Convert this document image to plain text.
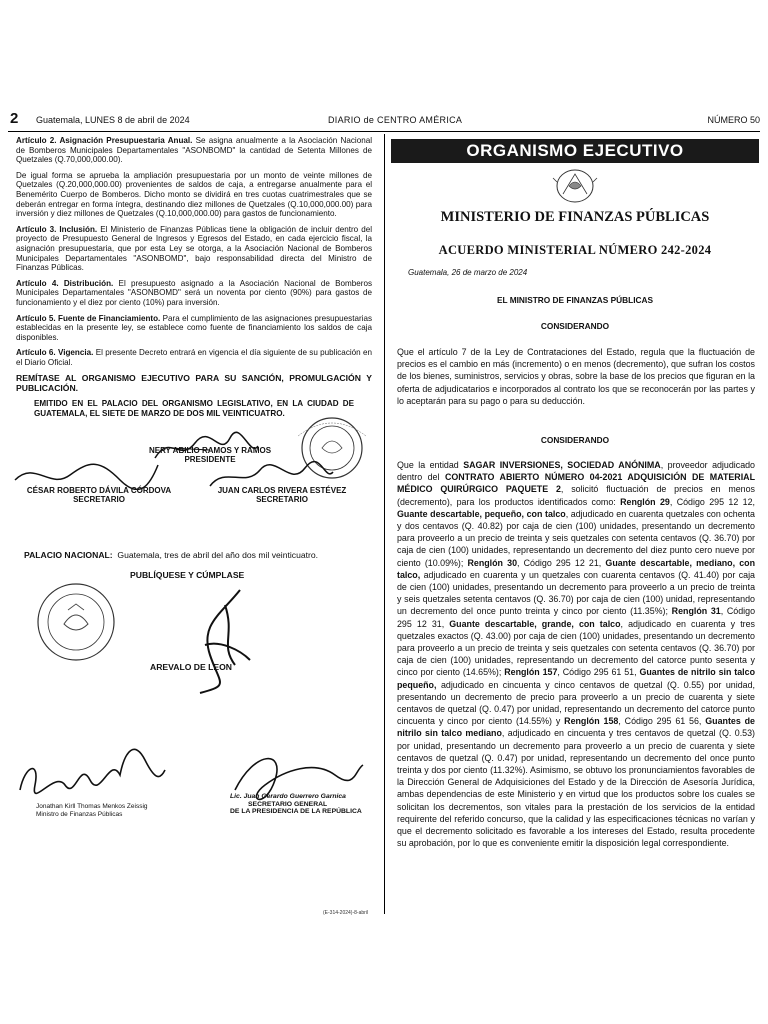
2 Guatemala, LUNES 8 de abril de 2024	DIARIO de CENTRO AMÉRICA	NÚMERO 50

Artículo 2. Asignación Presupuestaria Anual. Se asigna anualmente a la Asociación Nacional de Bomberos Municipales Departamentales "ASONBOMD" la cantidad de Setenta Millones de Quetzales (Q.70,000,000.00).

De igual forma se aprueba la ampliación presupuestaria por un monto de veinte millones de Quetzales (Q.20,000,000.00) provenientes de saldos de caja, a entregarse anualmente para el Benemérito Cuerpo de Bomberos. Dicho monto se dividirá en tres cuotas cuatrimestrales que se deberán entregar en forma íntegra, destinando diez millones de Quetzales (Q.10,000,000.00) para inversión y diez millones de Quetzales (Q.10,000,000.00) para gastos de funcionamiento.

Artículo 3. Inclusión. El Ministerio de Finanzas Públicas tiene la obligación de incluir dentro del proyecto de Presupuesto General de Ingresos y Egresos del Estado, en cada ejercicio fiscal, la asignación presupuestaria, que por esta Ley se otorga, a la Asociación Nacional de Bomberos Municipales Departamentales "ASONBOMD", bajo responsabilidad directa del Ministro de Finanzas Públicas.

Artículo 4. Distribución. El presupuesto asignado a la Asociación Nacional de Bomberos Municipales Departamentales "ASONBOMD" será un noventa por ciento (90%) para gastos de funcionamiento y el diez por ciento (10%) para inversión.

Artículo 5. Fuente de Financiamiento. Para el cumplimiento de las asignaciones presupuestarias establecidas en la presente ley, se establece como fuente de financiamiento los saldos de caja disponibles.

Artículo 6. Vigencia. El presente Decreto entrará en vigencia el día siguiente de su publicación en el Diario Oficial.

REMÍTASE AL ORGANISMO EJECUTIVO PARA SU SANCIÓN, PROMULGACIÓN Y PUBLICACIÓN.

EMITIDO EN EL PALACIO DEL ORGANISMO LEGISLATIVO, EN LA CIUDAD DE GUATEMALA, EL SIETE DE MARZO DE DOS MIL VEINTICUATRO.

NERY ABILIO RAMOS Y RAMOS
PRESIDENTE
CÉSAR ROBERTO DÁVILA CÓRDOVA
SECRETARIO
JUAN CARLOS RIVERA ESTÉVEZ
SECRETARIO
PALACIO NACIONAL: Guatemala, tres de abril del año dos mil veinticuatro.
PUBLÍQUESE Y CÚMPLASE
AREVALO DE LEON
Jonathan Kirll Thomas Menkos Zeissig
Ministro de Finanzas Públicas
Lic. Juan Gerardo Guerrero Garnica
SECRETARIO GENERAL
DE LA PRESIDENCIA DE LA REPÚBLICA
(E-314-2024)-8-abril
ORGANISMO EJECUTIVO
MINISTERIO DE FINANZAS PÚBLICAS
ACUERDO MINISTERIAL NÚMERO 242-2024
Guatemala, 26 de marzo de 2024
EL MINISTRO DE FINANZAS PÚBLICAS
CONSIDERANDO

Que el artículo 7 de la Ley de Contrataciones del Estado, regula que la fluctuación de precios es el cambio en más (incremento) o en menos (decremento), que sufran los costos de los bienes, suministros, servicios y obras, sobre la base de los precios que figuran en la oferta de adjudicatarios e incorporados al contrato los que se reconocerán por las partes y lo aceptarán para su pago o para su deducción.

CONSIDERANDO

Que la entidad SAGAR INVERSIONES, SOCIEDAD ANÓNIMA, proveedor adjudicado dentro del CONTRATO ABIERTO NÚMERO 04-2021 ADQUISICIÓN DE MATERIAL MÉDICO QUIRÚRGICO PAQUETE 2, solicitó fluctuación de precios en menos (decremento), para los productos identificados como: Renglón 29, Código 295 12 12, Guante descartable, pequeño, con talco, adjudicado en cuarenta quetzales con ochenta y dos centavos (Q. 40.82) por caja de cien (100) unidades, presentando un decremento para proveerlo a un precio de treinta y seis quetzales con setenta centavos (Q. 36.70) por caja de cien (100) unidades, representando un decremento del diez punto cero nueve por ciento (10.09%); Renglón 30, Código 295 12 21, Guante descartable, mediano, con talco, adjudicado en cuarenta y un quetzales con cuarenta centavos (Q. 41.40) por caja de cien (100) unidades, presentando un decremento para proveerlo a un precio de treinta y seis quetzales setenta centavos (Q. 36.70) por caja de cien (100) unidad, representando un decremento del once punto treinta y cinco por ciento (11.35%); Renglón 31, Código 295 12 31, Guante descartable, grande, con talco, adjudicado en cuarenta y tres quetzales exactos (Q. 43.00) por caja de cien (100) unidades, presentando un decremento para proveerlo a un precio de treinta y seis quetzales con setenta centavos (Q. 36.70) por caja de cien (100) unidades, representando un decremento del catorce punto sesenta y cinco por ciento (14.65%); Renglón 157, Código 295 61 51, Guantes de nitrilo sin talco pequeño, adjudicado en cincuenta y cinco centavos de quetzal (Q. 0.55) por unidad, presentando un decremento de precio para proveerlo a un precio de cuarenta y siete centavos de quetzal (Q. 0.47) por unidad, representando un decremento del catorce punto cincuenta y cinco por ciento (14.55%) y Renglón 158, Código 295 61 56, Guantes de nitrilo sin talco mediano, adjudicado en cincuenta y tres centavos de quetzal (Q. 0.53) por unidad, presentando un decremento para proveerlo a un precio de cuarenta y siete centavos de quetzal (Q. 0.47) por unidad, representando un decremento del once punto treinta y dos por ciento (11.32%). Asimismo, se obtuvo los pronunciamientos favorables de la Dirección General de Adquisiciones del Estado y de la Dirección de Asesoría Jurídica, ambas dependencias de este Ministerio y en virtud que los productos sobre los cuales se solicitan los decrementos, son vitales para la prestación de los servicios de la entidad requirente del referido concurso, que la calidad y las especificaciones técnicas no varían y que el decremento solicitado es favorable a los intereses del Estado, resulta procedente su aprobación, por lo que es conveniente emitir la disposición legal correspondiente.
